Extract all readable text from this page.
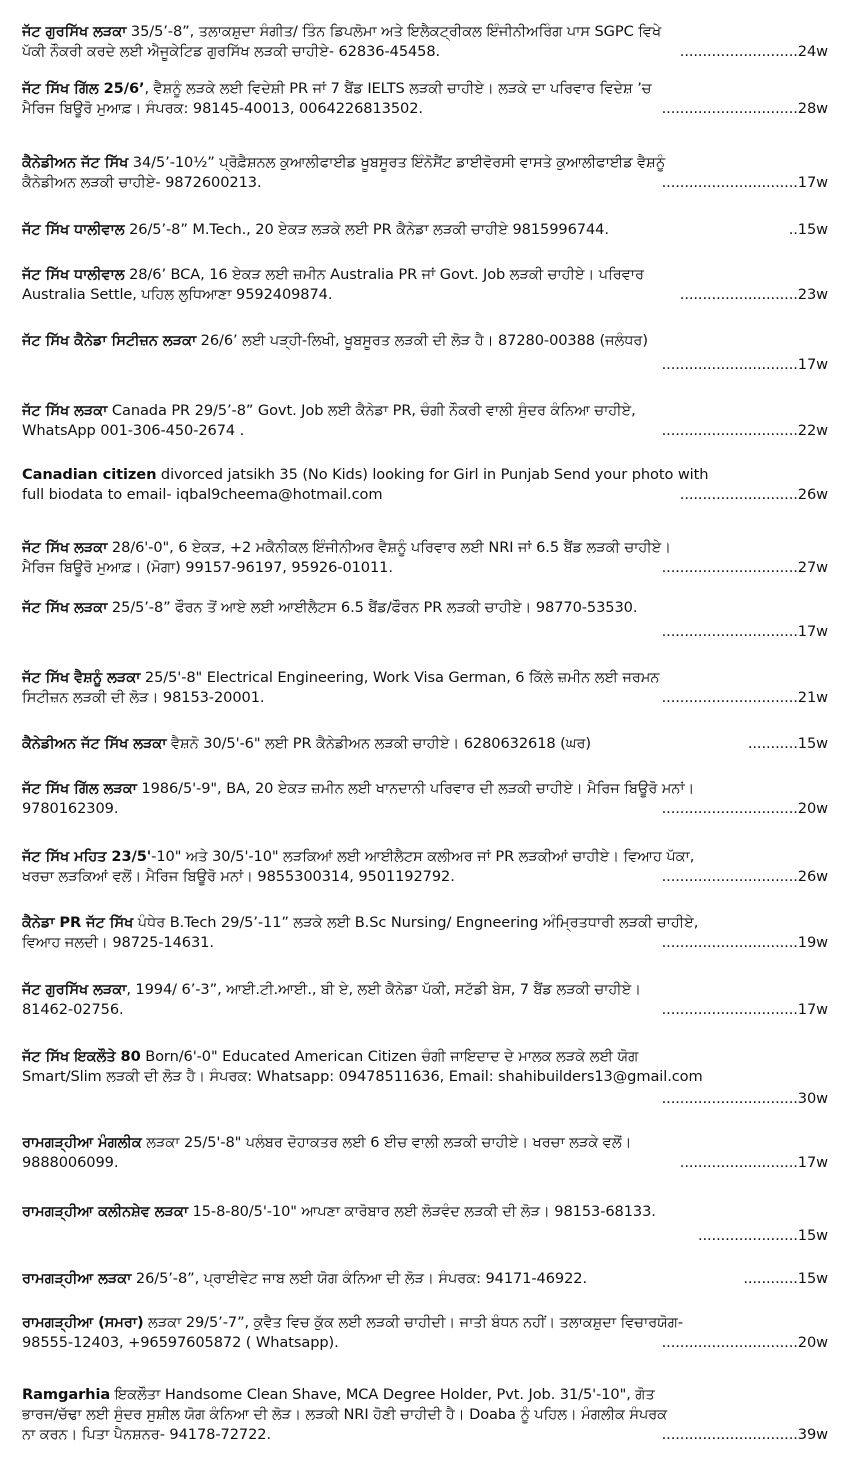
ਜੱਟ ਗੁਰਸਿੱਖ ਲੜਕਾ 35/5’-8”, ਤਲਾਕਸ਼ੁਦਾ ਸੰਗੀਤ/ ਤਿੰਨ ਡਿਪਲੋਮਾ ਅਤੇ ਇਲੈਕਟ੍ਰੀਕਲ ਇੰਜੀਨੀਅਰਿੰਗ ਪਾਸ SGPC ਵਿਖੇ
ਪੱਕੀ ਨੌਕਰੀ ਕਰਦੇ ਲਈ ਐਜੂਕੇਟਿਡ ਗੁਰਸਿੱਖ ਲੜਕੀ ਚਾਹੀਏ- 62836-45458.	..........................24w
ਜੱਟ ਸਿੱਖ ਗਿੱਲ 25/6’, ਵੈਸ਼ਨੂੰ ਲੜਕੇ ਲਈ ਵਿਦੇਸ਼ੀ PR ਜਾਂ 7 ਬੈਂਡ IELTS ਲੜਕੀ ਚਾਹੀਏ। ਲੜਕੇ ਦਾ ਪਰਿਵਾਰ ਵਿਦੇਸ਼ ’ਚ
ਮੈਰਿਜ ਬਿਊਰੋ ਮੁਆਫ਼। ਸੰਪਰਕ: 98145-40013, 0064226813502.	..............................28w
ਕੈਨੇਡੀਅਨ ਜੱਟ ਸਿੱਖ 34/5’-10½” ਪ੍ਰੋਫ਼ੈਸ਼ਨਲ ਕੁਆਲੀਫਾਈਡ ਖੂਬਸੂਰਤ ਇੰਨੋਸੈਂਟ ਡਾਈਵੋਰਸੀ ਵਾਸਤੇ ਕੁਆਲੀਫਾਈਡ ਵੈਸ਼ਨੂੰ
ਕੈਨੇਡੀਅਨ ਲੜਕੀ ਚਾਹੀਏ- 9872600213.	..............................17w
ਜੱਟ ਸਿੱਖ ਧਾਲੀਵਾਲ 26/5’-8” M.Tech., 20 ਏਕੜ ਲੜਕੇ ਲਈ PR ਕੈਨੇਡਾ ਲੜਕੀ ਚਾਹੀਏ 9815996744.	..15w
ਜੱਟ ਸਿੱਖ ਧਾਲੀਵਾਲ 28/6’ BCA, 16 ਏਕੜ ਲਈ ਜ਼ਮੀਨ Australia PR ਜਾਂ Govt. Job ਲੜਕੀ ਚਾਹੀਏ। ਪਰਿਵਾਰ
Australia Settle, ਪਹਿਲ ਲੁਧਿਆਣਾ 9592409874.	..........................23w
ਜੱਟ ਸਿੱਖ ਕੈਨੇਡਾ ਸਿਟੀਜ਼ਨ ਲੜਕਾ 26/6’ ਲਈ ਪੜ੍ਹੀ-ਲਿਖੀ, ਖੂਬਸੂਰਤ ਲੜਕੀ ਦੀ ਲੋੜ ਹੈ। 87280-00388 (ਜਲੰਧਰ)
..............................17w
ਜੱਟ ਸਿੱਖ ਲੜਕਾ Canada PR 29/5’-8” Govt. Job ਲਈ ਕੈਨੇਡਾ PR, ਚੰਗੀ ਨੌਕਰੀ ਵਾਲੀ ਸੁੰਦਰ ਕੰਨਿਆ ਚਾਹੀਏ,
WhatsApp 001-306-450-2674 .	..............................22w
Canadian citizen divorced jatsikh 35 (No Kids) looking for Girl in Punjab Send your photo with
full biodata to email- iqbal9cheema@hotmail.com	..........................26w
ਜੱਟ ਸਿੱਖ ਲੜਕਾ 28/6'-0", 6 ਏਕੜ, +2 ਮਕੈਨੀਕਲ ਇੰਜੀਨੀਅਰ ਵੈਸ਼ਨੂੰ ਪਰਿਵਾਰ ਲਈ NRI ਜਾਂ 6.5 ਬੈਂਡ ਲੜਕੀ ਚਾਹੀਏ।
ਮੈਰਿਜ ਬਿਊਰੋ ਮੁਆਫ਼। (ਮੋਗਾ) 99157-96197, 95926-01011.	..............................27w
ਜੱਟ ਸਿੱਖ ਲੜਕਾ 25/5’-8” ਫੌਰਨ ਤੋਂ ਆਏ ਲਈ ਆਈਲੈਟਸ 6.5 ਬੈਂਡ/ਫੌਰਨ PR ਲੜਕੀ ਚਾਹੀਏ। 98770-53530.
..............................17w
ਜੱਟ ਸਿੱਖ ਵੈਸ਼ਨੂੰ ਲੜਕਾ 25/5'-8" Electrical Engineering, Work Visa German, 6 ਕਿੱਲੇ ਜ਼ਮੀਨ ਲਈ ਜਰਮਨ
ਸਿਟੀਜ਼ਨ ਲੜਕੀ ਦੀ ਲੋੜ। 98153-20001.	..............................21w
ਕੈਨੇਡੀਅਨ ਜੱਟ ਸਿੱਖ ਲੜਕਾ ਵੈਸ਼ਨੋ 30/5'-6" ਲਈ PR ਕੈਨੇਡੀਅਨ ਲੜਕੀ ਚਾਹੀਏ। 6280632618 (ਘਰ)	...........15w
ਜੱਟ ਸਿੱਖ ਗਿੱਲ ਲੜਕਾ 1986/5'-9", BA, 20 ਏਕੜ ਜ਼ਮੀਨ ਲਈ ਖਾਨਦਾਨੀ ਪਰਿਵਾਰ ਦੀ ਲੜਕੀ ਚਾਹੀਏ। ਮੈਰਿਜ ਬਿਊਰੋ ਮਨਾਂ।
9780162309.	..............................20w
ਜੱਟ ਸਿੱਖ ਮਹਿਤ 23/5'-10" ਅਤੇ 30/5'-10" ਲੜਕਿਆਂ ਲਈ ਆਈਲੈਟਸ ਕਲੀਅਰ ਜਾਂ PR ਲੜਕੀਆਂ ਚਾਹੀਏ। ਵਿਆਹ ਪੱਕਾ,
ਖਰਚਾ ਲੜਕਿਆਂ ਵਲੋਂ। ਮੈਰਿਜ ਬਿਊਰੋ ਮਨਾਂ। 9855300314, 9501192792.	..............................26w
ਕੈਨੇਡਾ PR ਜੱਟ ਸਿੱਖ ਪੰਧੇਰ B.Tech 29/5’-11” ਲੜਕੇ ਲਈ B.Sc Nursing/ Engneering ਅੰਮ੍ਰਿਤਧਾਰੀ ਲੜਕੀ ਚਾਹੀਏ,
ਵਿਆਹ ਜਲਦੀ। 98725-14631.	..............................19w
ਜੱਟ ਗੁਰਸਿੱਖ ਲੜਕਾ, 1994/ 6’-3”, ਆਈ.ਟੀ.ਆਈ., ਬੀ ਏ, ਲਈ ਕੈਨੇਡਾ ਪੱਕੀ, ਸਟੱਡੀ ਬੇਸ, 7 ਬੈਂਡ ਲੜਕੀ ਚਾਹੀਏ।
81462-02756.	..............................17w
ਜੱਟ ਸਿੱਖ ਇਕਲੌਤੇ 80 Born/6'-0" Educated American Citizen ਚੰਗੀ ਜਾਇਦਾਦ ਦੇ ਮਾਲਕ ਲੜਕੇ ਲਈ ਯੋਗ
Smart/Slim ਲੜਕੀ ਦੀ ਲੋੜ ਹੈ। ਸੰਪਰਕ: Whatsapp: 09478511636, Email: shahibuilders13@gmail.com
..............................30w
ਰਾਮਗੜ੍ਹੀਆ ਮੰਗਲੀਕ ਲੜਕਾ 25/5'-8" ਪਲੰਬਰ ਦੋਹਾਕਤਰ ਲਈ 6 ਈਚ ਵਾਲੀ ਲੜਕੀ ਚਾਹੀਏ। ਖਰਚਾ ਲੜਕੇ ਵਲੋਂ।
9888006099.	..........................17w
ਰਾਮਗੜ੍ਹੀਆ ਕਲੀਨਸ਼ੇਵ ਲੜਕਾ 15-8-80/5'-10" ਆਪਣਾ ਕਾਰੋਬਾਰ ਲਈ ਲੋੜਵੰਦ ਲੜਕੀ ਦੀ ਲੋੜ। 98153-68133.
......................15w
ਰਾਮਗੜ੍ਹੀਆ ਲੜਕਾ 26/5’-8”, ਪ੍ਰਾਈਵੇਟ ਜਾਬ ਲਈ ਯੋਗ ਕੰਨਿਆ ਦੀ ਲੋੜ। ਸੰਪਰਕ: 94171-46922.	............15w
ਰਾਮਗੜ੍ਹੀਆ (ਸਮਰਾ) ਲੜਕਾ 29/5’-7”, ਕੁਵੈਤ ਵਿਚ ਕੁੱਕ ਲਈ ਲੜਕੀ ਚਾਹੀਦੀ। ਜਾਤੀ ਬੰਧਨ ਨਹੀਂ। ਤਲਾਕਸ਼ੁਦਾ ਵਿਚਾਰਯੋਗ-
98555-12403, +96597605872 ( Whatsapp).	..............................20w
Ramgarhia ਇਕਲੌਤਾ Handsome Clean Shave, MCA Degree Holder, Pvt. Job. 31/5'-10", ਗੋਤ
ਭਾਰਜ/ਚੱਢਾ ਲਈ ਸੁੰਦਰ ਸੁਸ਼ੀਲ ਯੋਗ ਕੰਨਿਆ ਦੀ ਲੋੜ। ਲੜਕੀ NRI ਹੋਣੀ ਚਾਹੀਦੀ ਹੈ। Doaba ਨੂੰ ਪਹਿਲ। ਮੰਗਲੀਕ ਸੰਪਰਕ
ਨਾ ਕਰਨ। ਪਿਤਾ ਪੈਨਸ਼ਨਰ- 94178-72722.	..............................39w
